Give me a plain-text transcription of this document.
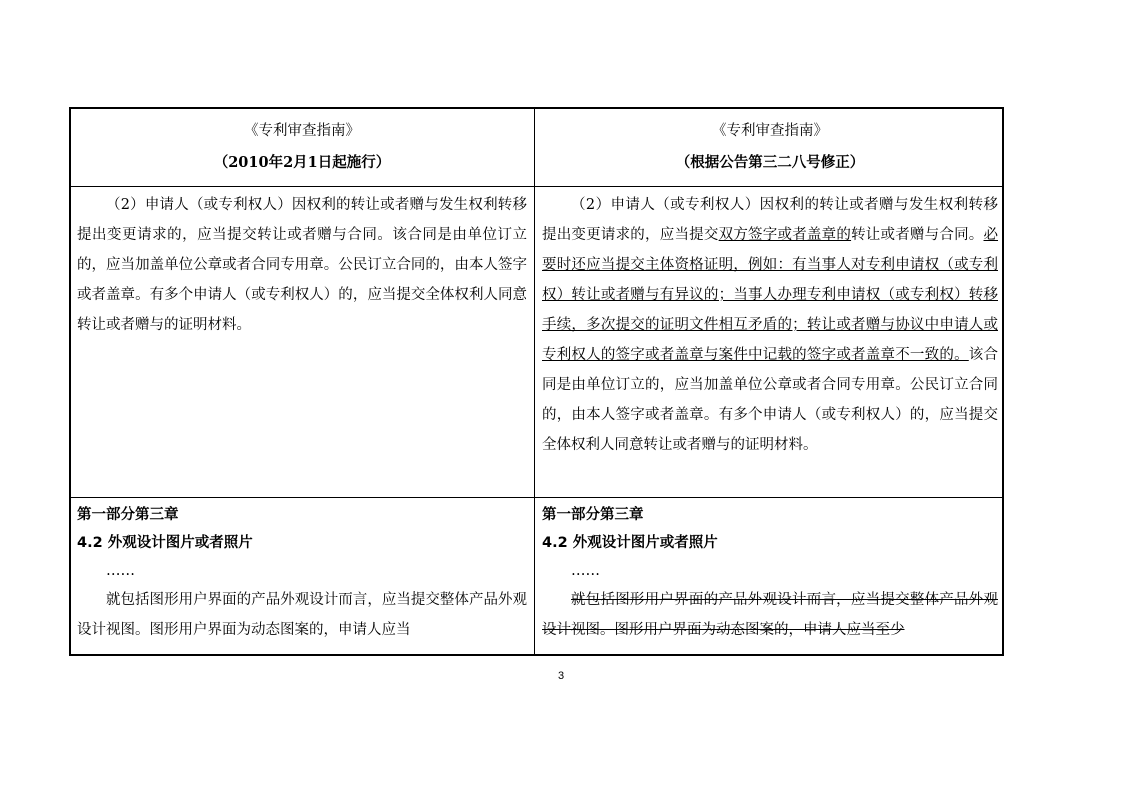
《专利审查指南》
（2010年2月1日起施行）
《专利审查指南》
（根据公告第三二八号修正）

（2）申请人（或专利权人）因权利的转让或者赠与发生权利转移提出变更请求的，应当提交转让或者赠与合同。该合同是由单位订立的，应当加盖单位公章或者合同专用章。公民订立合同的，由本人签字或者盖章。有多个申请人（或专利权人）的，应当提交全体权利人同意转让或者赠与的证明材料。

（2）申请人（或专利权人）因权利的转让或者赠与发生权利转移提出变更请求的，应当提交双方签字或者盖章的转让或者赠与合同。必要时还应当提交主体资格证明，例如：有当事人对专利申请权（或专利权）转让或者赠与有异议的；当事人办理专利申请权（或专利权）转移手续，多次提交的证明文件相互矛盾的；转让或者赠与协议中申请人或专利权人的签字或者盖章与案件中记载的签字或者盖章不一致的。该合同是由单位订立的，应当加盖单位公章或者合同专用章。公民订立合同的，由本人签字或者盖章。有多个申请人（或专利权人）的，应当提交全体权利人同意转让或者赠与的证明材料。

第一部分第三章

4.2 外观设计图片或者照片

……

就包括图形用户界面的产品外观设计而言，应当提交整体产品外观设计视图。图形用户界面为动态图案的，申请人应当

第一部分第三章

4.2 外观设计图片或者照片

……

就包括图形用户界面的产品外观设计而言，应当提交整体产品外观设计视图。图形用户界面为动态图案的，申请人应当至少

3
